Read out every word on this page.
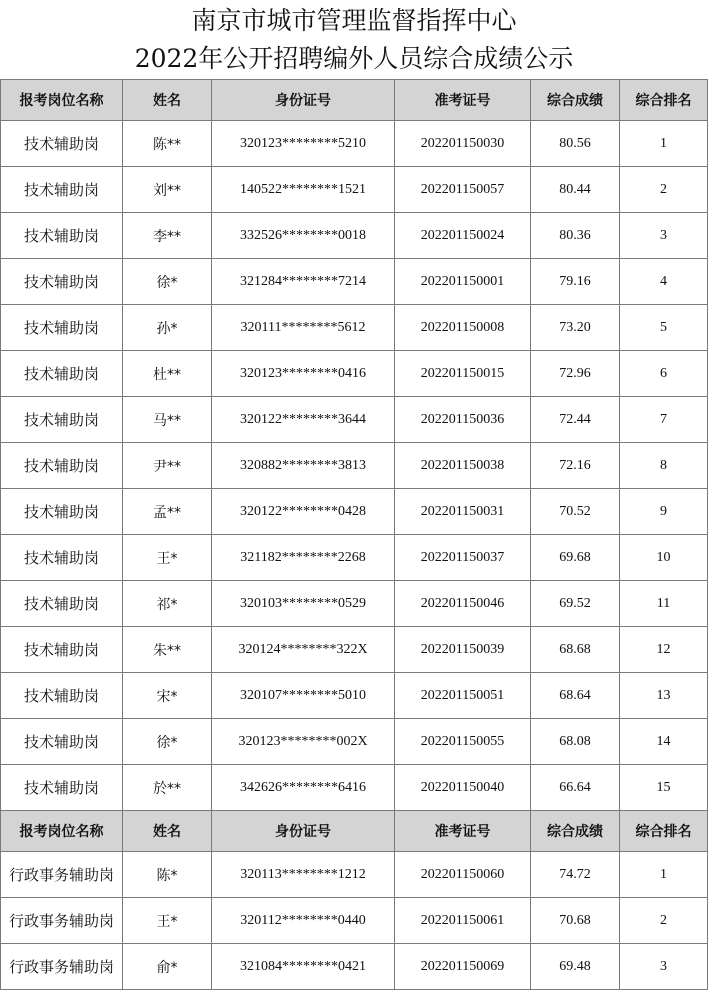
南京市城市管理监督指挥中心
2022年公开招聘编外人员综合成绩公示
报考岗位名称	姓名	身份证号	准考证号	综合成绩	综合排名
技术辅助岗	陈**	320123********5210	202201150030	80.56	1
技术辅助岗	刘**	140522********1521	202201150057	80.44	2
技术辅助岗	李**	332526********0018	202201150024	80.36	3
技术辅助岗	徐*	321284********7214	202201150001	79.16	4
技术辅助岗	孙*	320111********5612	202201150008	73.20	5
技术辅助岗	杜**	320123********0416	202201150015	72.96	6
技术辅助岗	马**	320122********3644	202201150036	72.44	7
技术辅助岗	尹**	320882********3813	202201150038	72.16	8
技术辅助岗	孟**	320122********0428	202201150031	70.52	9
技术辅助岗	王*	321182********2268	202201150037	69.68	10
技术辅助岗	祁*	320103********0529	202201150046	69.52	11
技术辅助岗	朱**	320124********322X	202201150039	68.68	12
技术辅助岗	宋*	320107********5010	202201150051	68.64	13
技术辅助岗	徐*	320123********002X	202201150055	68.08	14
技术辅助岗	於**	342626********6416	202201150040	66.64	15
报考岗位名称	姓名	身份证号	准考证号	综合成绩	综合排名
行政事务辅助岗	陈*	320113********1212	202201150060	74.72	1
行政事务辅助岗	王*	320112********0440	202201150061	70.68	2
行政事务辅助岗	俞*	321084********0421	202201150069	69.48	3
